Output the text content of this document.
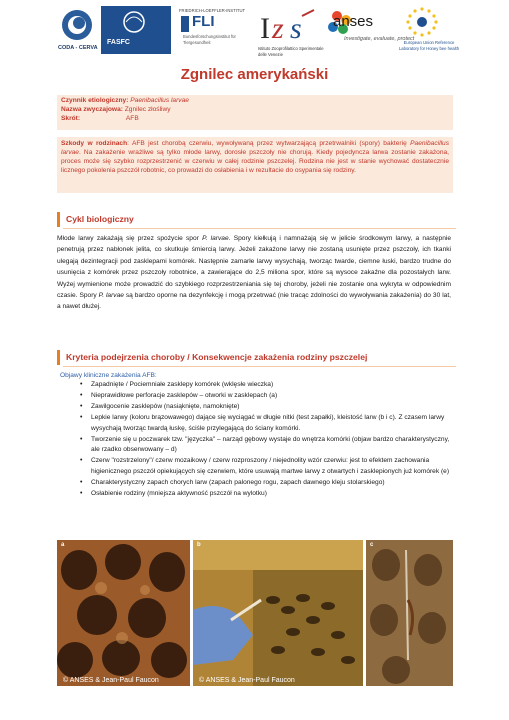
CODA - CERVA
FASFC
FRIEDRICH-LOEFFLER-INSTITUT
FLI
Bundesforschungsinstitut für Tiergesundheit	I z s
Istituto Zooprofilattico Sperimentale delle Venezie
anses
Investigate, evaluate, protect
European Union Reference Laboratory for Honey bee health
Zgnilec amerykański
Czynnik etiologiczny: Paenibacillus larvae
Nazwa zwyczajowa: Zgnilec złośliwy
Skrót:	AFB

Szkody w rodzinach: AFB jest chorobą czerwiu, wywoływaną przez wytwarzającą przetrwalniki (spory) bakterię Paenibacillus larvae. Na zakażenie wrażliwe są tylko młode larwy, dorosłe pszczoły nie chorują. Kiedy pojedyncza larwa zostanie zakażona, proces może się szybko rozprzestrzenić w czerwiu w całej rodzinie pszczelej. Rodzina nie jest w stanie wychować dostatecznie licznego pokolenia pszczół robotnic, co prowadzi do osłabienia i w rezultacie do osypania się rodziny.

Cykl biologiczny

Młode larwy zakażają się przez spożycie spor P. larvae. Spory kiełkują i namnażają się w jelicie środkowym larwy, a następnie penetrują przez nabłonek jelita, co skutkuje śmiercią larwy. Jeżeli zakażone larwy nie zostaną usunięte przez pszczoły, ich tkanki ulegają dezintegracji pod zasklepami komórek. Następnie zamarłe larwy wysychają, tworząc twarde, ciemne łuski, bardzo trudne do usunięcia z komórek przez pszczoły robotnice, a zawierające do 2,5 miliona spor, które są wysoce zakaźne dla pozostałych larw. Wyżej wymienione może prowadzić do szybkiego rozprzestrzeniania się tej choroby, jeżeli nie zostanie ona wykryta w odpowiednim czasie. Spory P. larvae są bardzo oporne na dezynfekcję i mogą przetrwać (nie tracąc zdolności do wywoływania zakażenia) do 30 lat, a nawet dłużej.

Kryteria podejrzenia choroby / Konsekwencje zakażenia rodziny pszczelej
Objawy kliniczne zakażenia AFB:
• Zapadnięte / Pociemniałe zasklepy komórek (wklęsłe wieczka)
• Nieprawidłowe perforacje zasklepów – otworki w zasklepach (a)
• Zawilgocenie zasklepów (nasiąknięte, namoknięte)
• Lepkie larwy (koloru brązowawego) dające się wyciągać w długie nitki (test zapałki), kleistość larw (b i c). Z czasem larwy wysychają tworząc twardą łuskę, ściśle przylegającą do ściany komórki.
• Tworzenie się u poczwarek tzw. "języczka" – narząd gębowy wystaje do wnętrza komórki (objaw bardzo charakterystyczny, ale rzadko obserwowany – d)
• Czerw "rozstrzelony"/ czerw mozaikowy / czerw rozproszony / niejednolity wzór czerwiu: jest to efektem zachowania higienicznego pszczół opiekujących się czerwiem, które usuwają martwe larwy z otwartych i zasklepionych już komórek (e)
• Charakterystyczny zapach chorych larw (zapach palonego rogu, zapach dawnego kleju stolarskiego)
• Osłabienie rodziny (mniejsza aktywność pszczół na wylotku)
a
© ANSES & Jean-Paul Faucon
b
© ANSES & Jean-Paul Faucon
c
